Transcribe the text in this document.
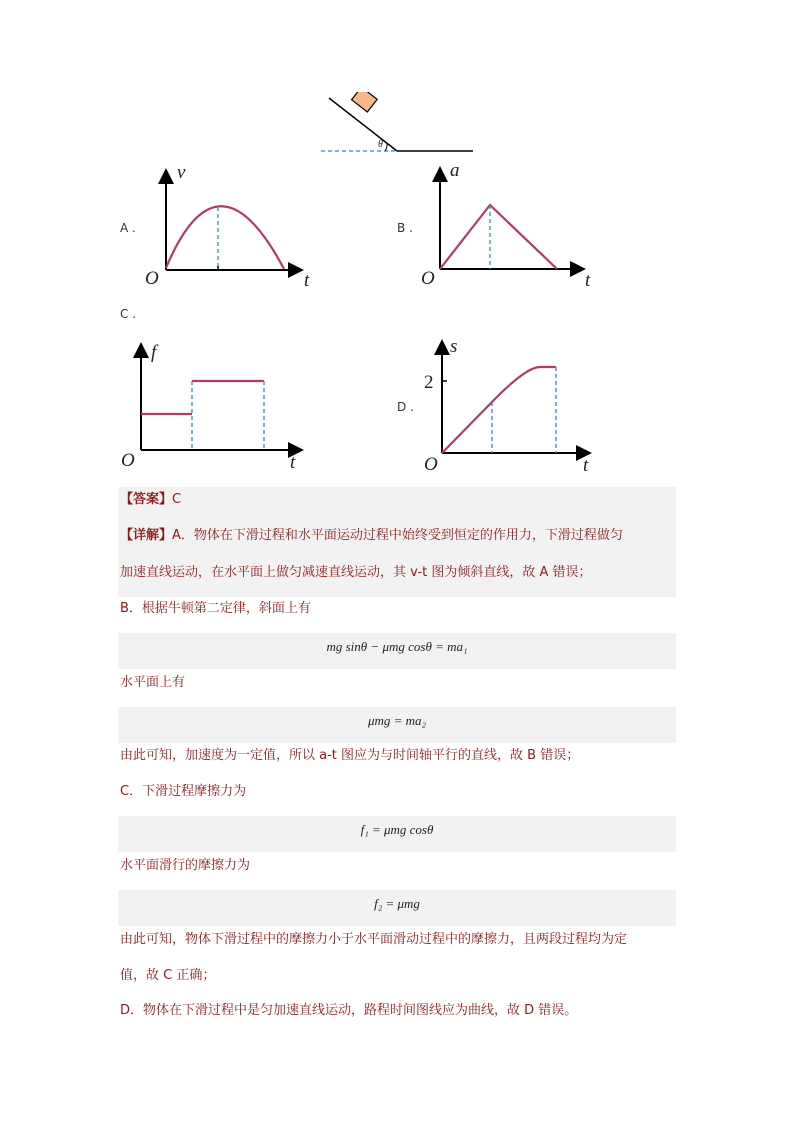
A .
v
O	t
B .
a
O	t
C .
f
O	t
D .
s
2
O	t
【答案】C
【详解】A．物体在下滑过程和水平面运动过程中始终受到恒定的作用力，下滑过程做匀
加速直线运动，在水平面上做匀减速直线运动，其 v-t 图为倾斜直线，故 A 错误；
B．根据牛顿第二定律，斜面上有
mg sinθ − μmg cosθ = ma₁
水平面上有
μmg = ma₂
由此可知，加速度为一定值，所以 a-t 图应为与时间轴平行的直线，故 B 错误；
C．下滑过程摩擦力为
f₁ = μmg cosθ
水平面滑行的摩擦力为
f₂ = μmg
由此可知，物体下滑过程中的摩擦力小于水平面滑动过程中的摩擦力，且两段过程均为定
值，故 C 正确；
D．物体在下滑过程中是匀加速直线运动，路程时间图线应为曲线，故 D 错误。
θ
